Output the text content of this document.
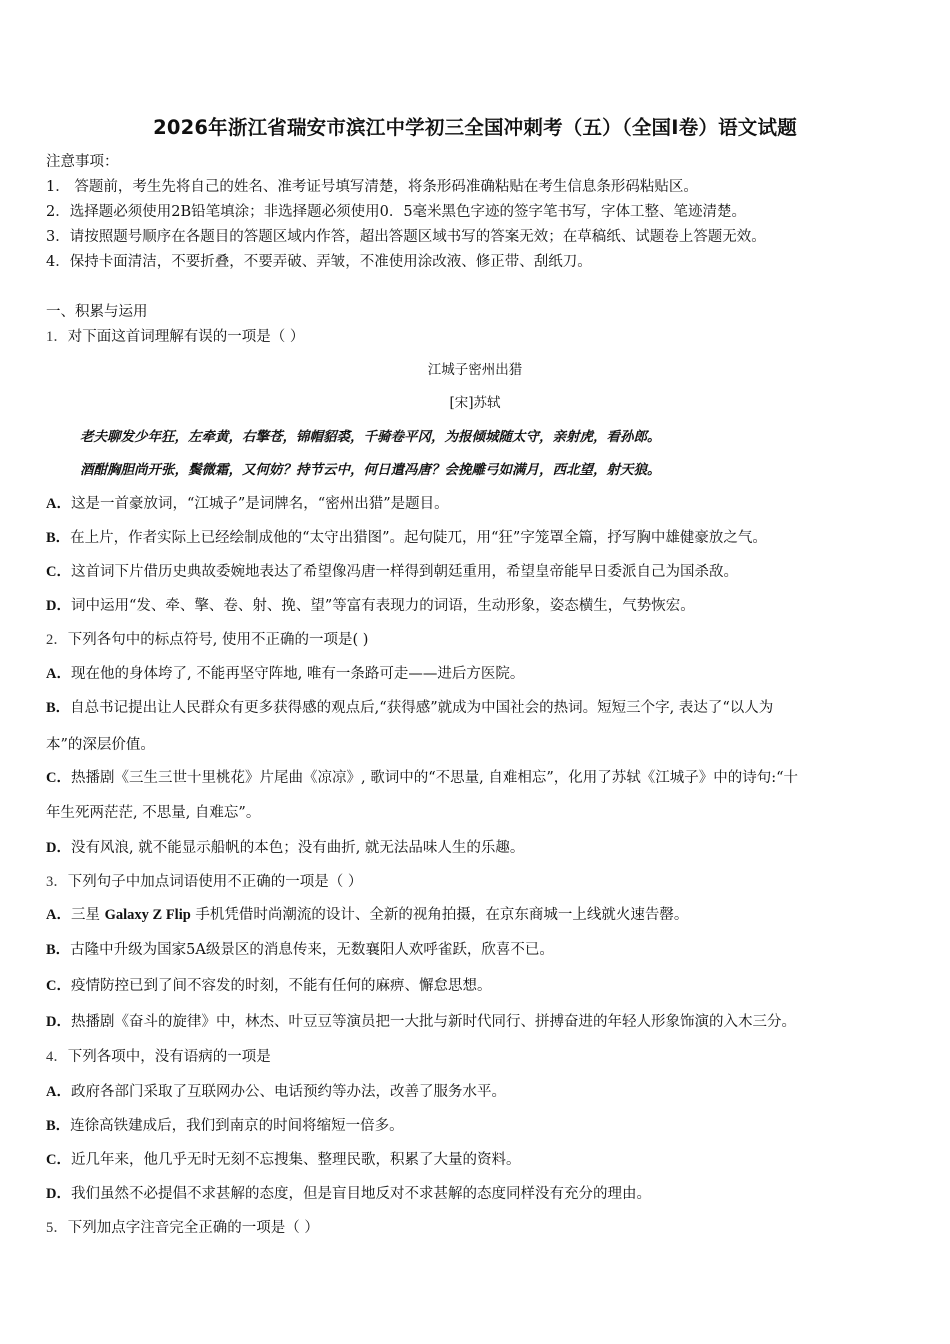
2026年浙江省瑞安市滨江中学初三全国冲刺考（五）（全国I卷）语文试题
注意事项：
1． 答题前，考生先将自己的姓名、准考证号填写清楚，将条形码准确粘贴在考生信息条形码粘贴区。
2．选择题必须使用2B铅笔填涂；非选择题必须使用0．5毫米黑色字迹的签字笔书写，字体工整、笔迹清楚。
3．请按照题号顺序在各题目的答题区域内作答，超出答题区域书写的答案无效；在草稿纸、试题卷上答题无效。
4．保持卡面清洁，不要折叠，不要弄破、弄皱，不准使用涂改液、修正带、刮纸刀。
一、积累与运用
1．对下面这首词理解有误的一项是（ ）
江城子密州出猎
[宋]苏轼
老夫聊发少年狂，左牵黄，右擎苍，锦帽貂裘，千骑卷平冈，为报倾城随太守，亲射虎，看孙郎。
酒酣胸胆尚开张，鬓微霜，又何妨？持节云中，何日遣冯唐？会挽雕弓如满月，西北望，射天狼。
A．这是一首豪放词，“江城子”是词牌名，“密州出猎”是题目。
B．在上片，作者实际上已经绘制成他的“太守出猎图”。起句陡兀，用“狂”字笼罩全篇，抒写胸中雄健豪放之气。
C．这首词下片借历史典故委婉地表达了希望像冯唐一样得到朝廷重用，希望皇帝能早日委派自己为国杀敌。
D．词中运用“发、牵、擎、卷、射、挽、望”等富有表现力的词语，生动形象，姿态横生，气势恢宏。
2．下列各句中的标点符号, 使用不正确的一项是( )
A．现在他的身体垮了, 不能再坚守阵地, 唯有一条路可走——进后方医院。
B．自总书记提出让人民群众有更多获得感的观点后,“获得感”就成为中国社会的热词。短短三个字, 表达了“以人为
本”的深层价值。
C．热播剧《三生三世十里桃花》片尾曲《凉凉》, 歌词中的“不思量, 自难相忘”，化用了苏轼《江城子》中的诗句:“十
年生死两茫茫, 不思量, 自难忘”。
D．没有风浪, 就不能显示船帆的本色；没有曲折, 就无法品味人生的乐趣。
3．下列句子中加点词语使用不正确的一项是（ ）
A．三星 Galaxy Z Flip 手机凭借时尚潮流的设计、全新的视角拍摄，在京东商城一上线就火速告罄。
B．古隆中升级为国家5A级景区的消息传来，无数襄阳人欢呼雀跃，欣喜不已。
C．疫情防控已到了间不容发的时刻，不能有任何的麻痹、懈怠思想。
D．热播剧《奋斗的旋律》中，林杰、叶豆豆等演员把一大批与新时代同行、拼搏奋进的年轻人形象饰演的入木三分。
4．下列各项中，没有语病的一项是
A．政府各部门采取了互联网办公、电话预约等办法，改善了服务水平。
B．连徐高铁建成后，我们到南京的时间将缩短一倍多。
C．近几年来，他几乎无时无刻不忘搜集、整理民歌，积累了大量的资料。
D．我们虽然不必提倡不求甚解的态度，但是盲目地反对不求甚解的态度同样没有充分的理由。
5．下列加点字注音完全正确的一项是（ ）
